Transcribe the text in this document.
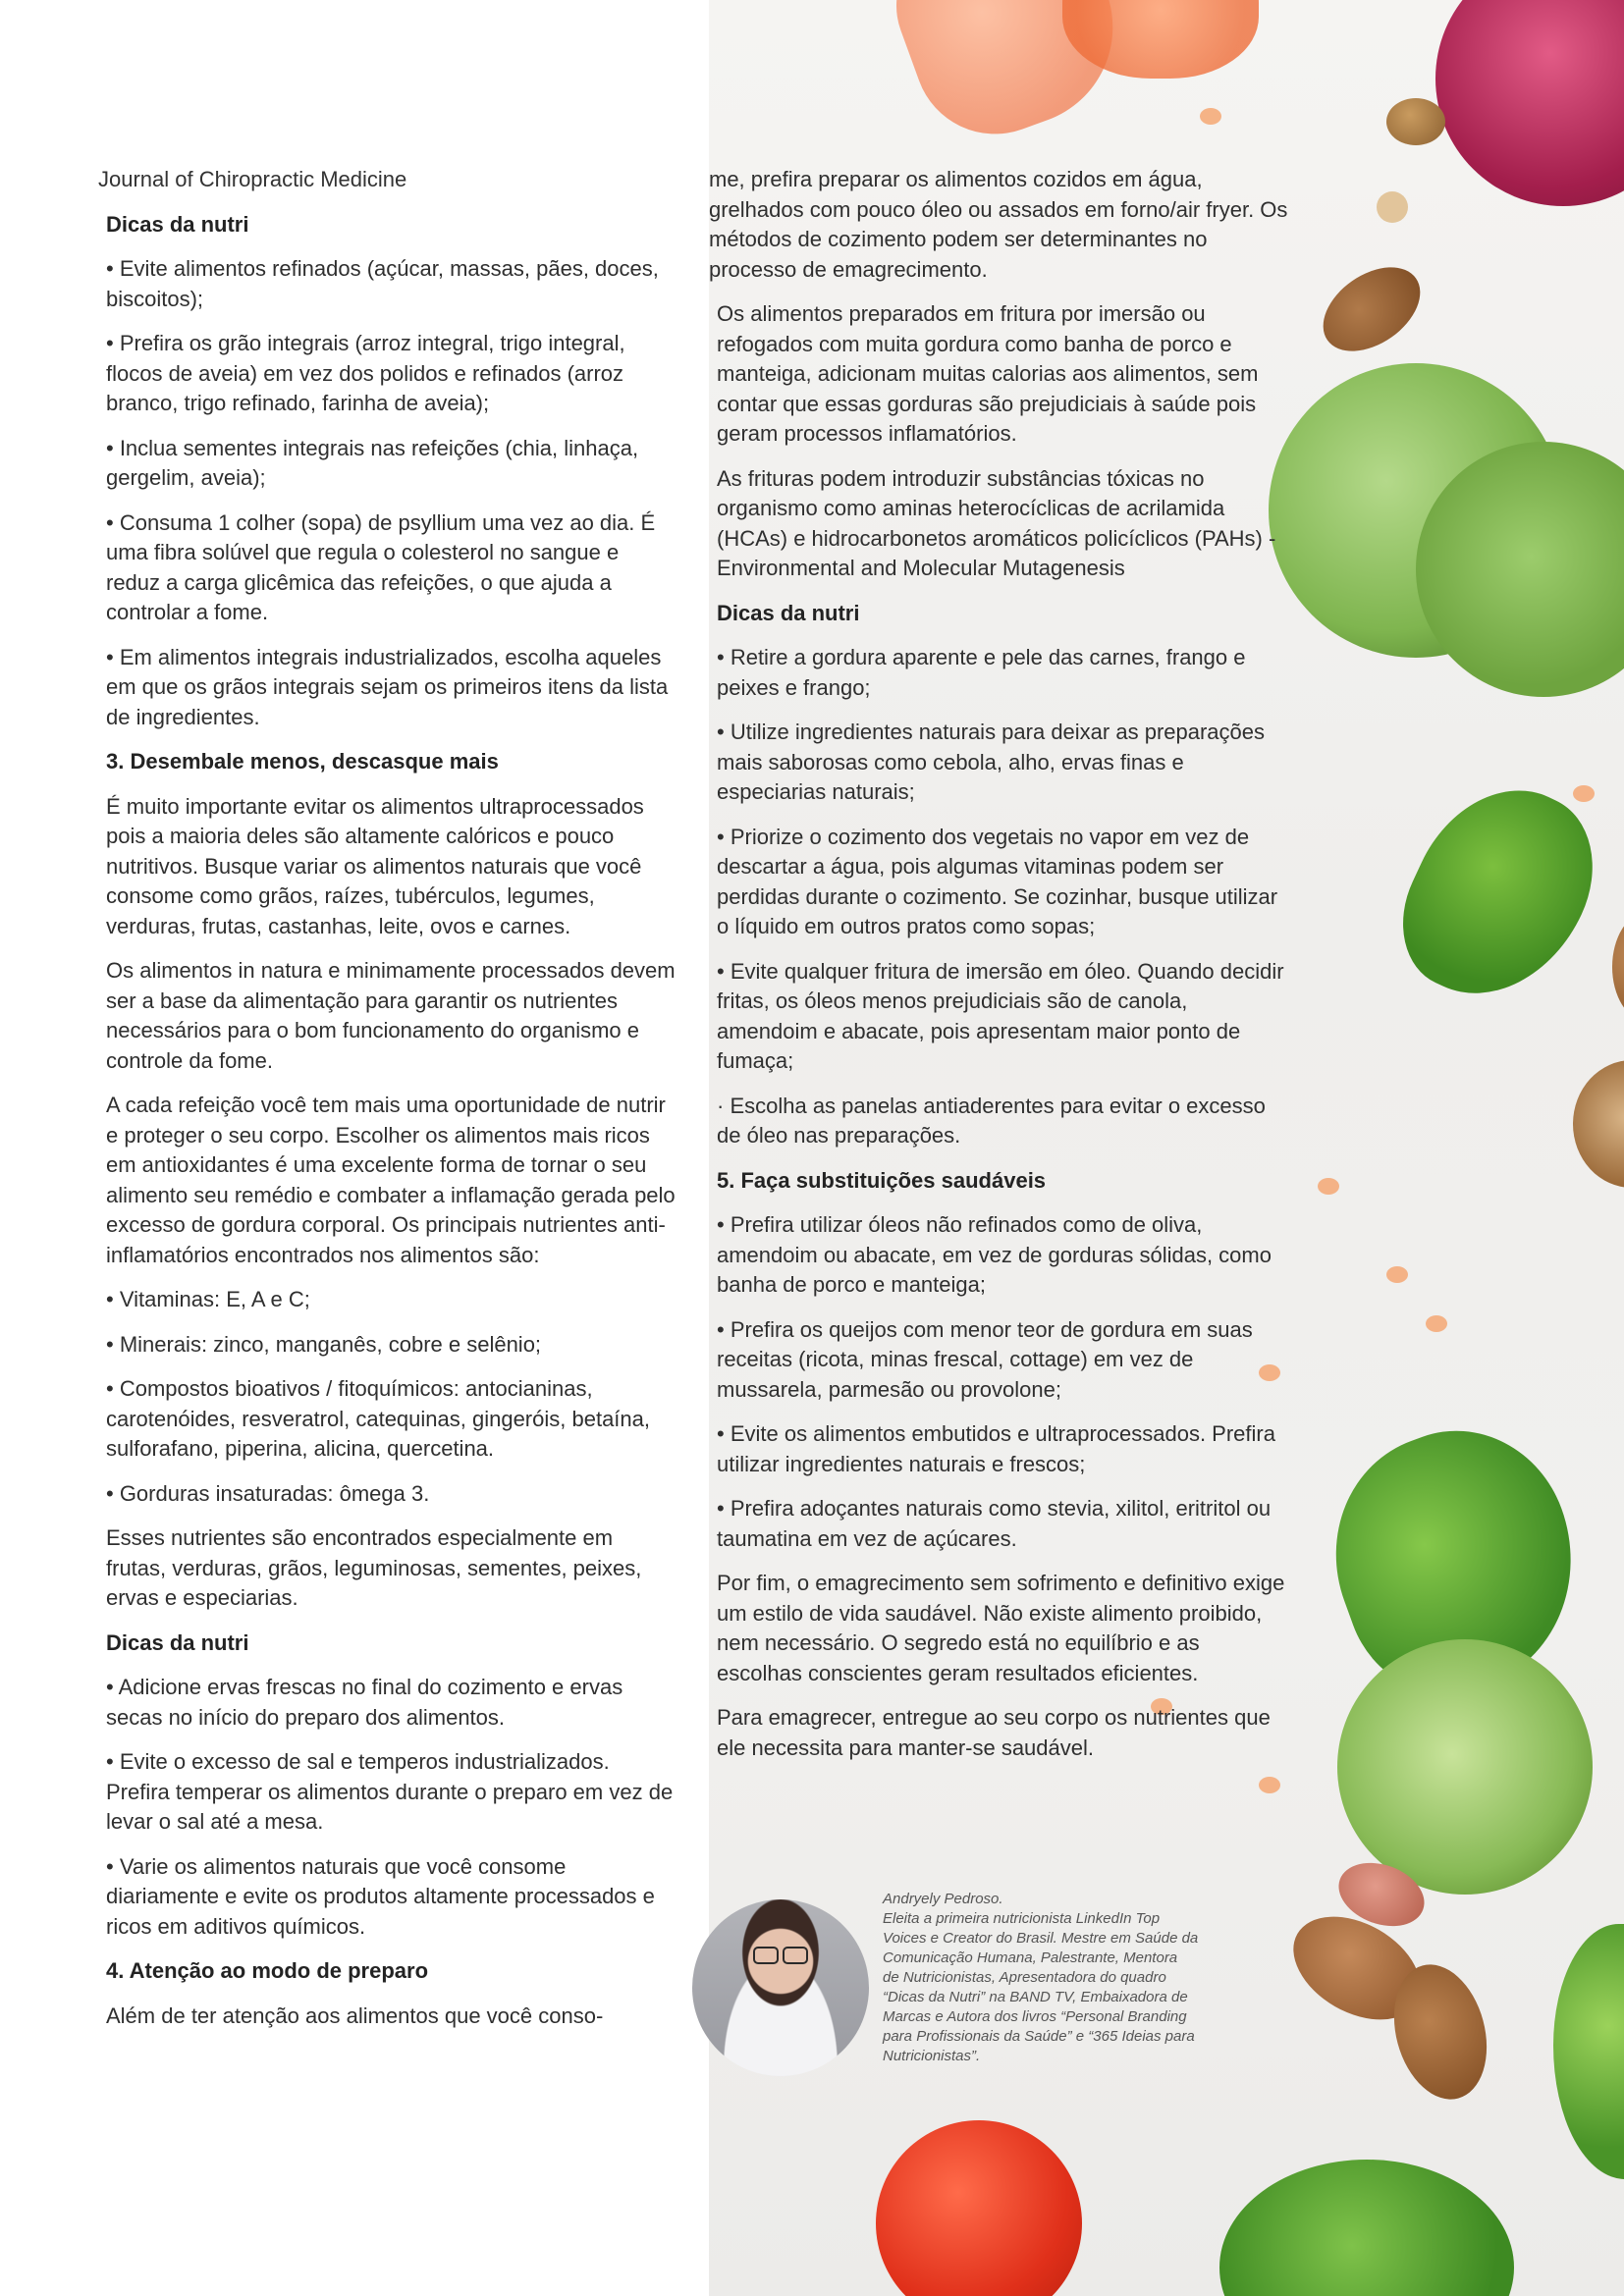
Journal of Chiropractic Medicine

Dicas da nutri

• Evite alimentos refinados (açúcar, massas, pães, doces, biscoitos);

• Prefira os grão integrais (arroz integral, trigo integral, flocos de aveia) em vez dos polidos e refinados (arroz branco, trigo refinado, farinha de aveia);

• Inclua sementes integrais nas refeições (chia, linhaça, gergelim, aveia);

• Consuma 1 colher (sopa) de psyllium uma vez ao dia. É uma fibra solúvel que regula o colesterol no sangue e reduz a carga glicêmica das refeições, o que ajuda a controlar a fome.

• Em alimentos integrais industrializados, escolha aqueles em que os grãos integrais sejam os primeiros itens da lista de ingredientes.

3. Desembale menos, descasque mais

É muito importante evitar os alimentos ultraprocessados pois a maioria deles são altamente calóricos e pouco nutritivos. Busque variar os alimentos naturais que você consome como grãos, raízes, tubérculos, legumes, verduras, frutas, castanhas, leite, ovos e carnes.

Os alimentos in natura e minimamente processados devem ser a base da alimentação para garantir os nutrientes necessários para o bom funcionamento do organismo e controle da fome.

A cada refeição você tem mais uma oportunidade de nutrir e proteger o seu corpo. Escolher os alimentos mais ricos em antioxidantes é uma excelente forma de tornar o seu alimento seu remédio e combater a inflamação gerada pelo excesso de gordura corporal. Os principais nutrientes anti-inflamatórios encontrados nos alimentos são:

• Vitaminas: E, A e C;

• Minerais: zinco, manganês, cobre e selênio;

• Compostos bioativos / fitoquímicos: antocianinas, carotenóides, resveratrol, catequinas, gingeróis, betaína, sulforafano, piperina, alicina, quercetina.

• Gorduras insaturadas: ômega 3.

Esses nutrientes são encontrados especialmente em frutas, verduras, grãos, leguminosas, sementes, peixes, ervas e especiarias.

Dicas da nutri

• Adicione ervas frescas no final do cozimento e ervas secas no início do preparo dos alimentos.

• Evite o excesso de sal e temperos industrializados. Prefira temperar os alimentos durante o preparo em vez de levar o sal até a mesa.

• Varie os alimentos naturais que você consome diariamente e evite os produtos altamente processados e ricos em aditivos químicos.

4. Atenção ao modo de preparo

Além de ter atenção aos alimentos que você conso-

me, prefira preparar os alimentos cozidos em água, grelhados com pouco óleo ou assados em forno/air fryer. Os métodos de cozimento podem ser determinantes no processo de emagrecimento.

Os alimentos preparados em fritura por imersão ou refogados com muita gordura como banha de porco e manteiga, adicionam muitas calorias aos alimentos, sem contar que essas gorduras são prejudiciais à saúde pois geram processos inflamatórios.

As frituras podem introduzir substâncias tóxicas no organismo como aminas heterocíclicas de acrilamida (HCAs) e hidrocarbonetos aromáticos policíclicos (PAHs) - Environmental and Molecular Mutagenesis

Dicas da nutri

• Retire a gordura aparente e pele das carnes, frango e peixes e frango;

• Utilize ingredientes naturais para deixar as preparações mais saborosas como cebola, alho, ervas finas e especiarias naturais;

• Priorize o cozimento dos vegetais no vapor em vez de descartar a água, pois algumas vitaminas podem ser perdidas durante o cozimento. Se cozinhar, busque utilizar o líquido em outros pratos como sopas;

• Evite qualquer fritura de imersão em óleo. Quando decidir fritas, os óleos menos prejudiciais são de canola, amendoim e abacate, pois apresentam maior ponto de fumaça;

· Escolha as panelas antiaderentes para evitar o excesso de óleo nas preparações.

5. Faça substituições saudáveis

• Prefira utilizar óleos não refinados como de oliva, amendoim ou abacate, em vez de gorduras sólidas, como banha de porco e manteiga;

• Prefira os queijos com menor teor de gordura em suas receitas (ricota, minas frescal, cottage) em vez de mussarela, parmesão ou provolone;

• Evite os alimentos embutidos e ultraprocessados. Prefira utilizar ingredientes naturais e frescos;

• Prefira adoçantes naturais como stevia, xilitol, eritritol ou taumatina em vez de açúcares.

Por fim, o emagrecimento sem sofrimento e definitivo exige um estilo de vida saudável. Não existe alimento proibido, nem necessário. O segredo está no equilíbrio e as escolhas conscientes geram resultados eficientes.

Para emagrecer, entregue ao seu corpo os nutrientes que ele necessita para manter-se saudável.

Andryely Pedroso.
Eleita a primeira nutricionista LinkedIn Top
Voices e Creator do Brasil. Mestre em Saúde da
Comunicação Humana, Palestrante, Mentora
de Nutricionistas, Apresentadora do quadro
“Dicas da Nutri” na BAND TV, Embaixadora de
Marcas e Autora dos livros “Personal Branding
para Profissionais da Saúde” e “365 Ideias para
Nutricionistas”.
